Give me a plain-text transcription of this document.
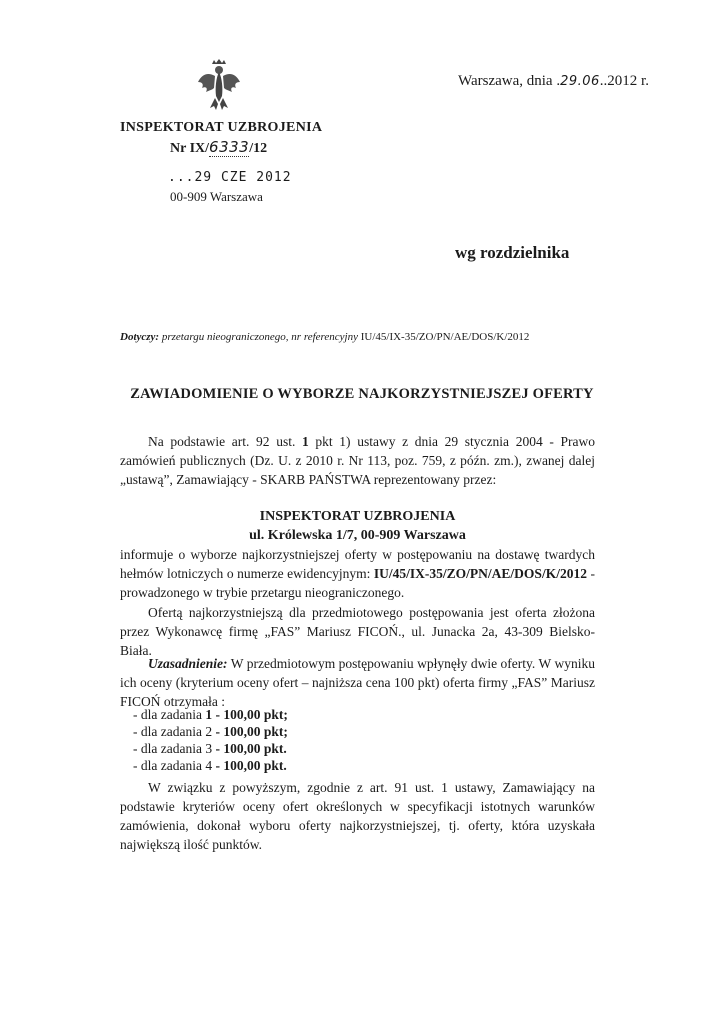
Warszawa, dnia .29.06..2012 r.
INSPEKTORAT UZBROJENIA
Nr IX/6333/12
...29 CZE 2012
00-909 Warszawa
wg rozdzielnika
Dotyczy: przetargu nieograniczonego, nr referencyjny IU/45/IX-35/ZO/PN/AE/DOS/K/2012
ZAWIADOMIENIE O WYBORZE NAJKORZYSTNIEJSZEJ OFERTY
Na podstawie art. 92 ust. 1 pkt 1) ustawy z dnia 29 stycznia 2004 - Prawo zamówień publicznych (Dz. U. z 2010 r. Nr 113, poz. 759, z późn. zm.), zwanej dalej „ustawą”, Zamawiający - SKARB PAŃSTWA reprezentowany przez:
INSPEKTORAT UZBROJENIA
ul. Królewska 1/7, 00-909 Warszawa
informuje o wyborze najkorzystniejszej oferty w postępowaniu na dostawę twardych hełmów lotniczych o numerze ewidencyjnym: IU/45/IX-35/ZO/PN/AE/DOS/K/2012 - prowadzonego w trybie przetargu nieograniczonego.
Ofertą najkorzystniejszą dla przedmiotowego postępowania jest oferta złożona przez Wykonawcę firmę „FAS” Mariusz FICOŃ., ul. Junacka 2a, 43-309 Bielsko-Biała.
Uzasadnienie: W przedmiotowym postępowaniu wpłynęły dwie oferty. W wyniku ich oceny (kryterium oceny ofert – najniższa cena 100 pkt) oferta firmy „FAS” Mariusz FICOŃ otrzymała :
- dla zadania 1 - 100,00 pkt;
- dla zadania 2 - 100,00 pkt;
- dla zadania 3 - 100,00 pkt.
- dla zadania 4 - 100,00 pkt.
W związku z powyższym, zgodnie z art. 91 ust. 1 ustawy, Zamawiający na podstawie kryteriów oceny ofert określonych w specyfikacji istotnych warunków zamówienia, dokonał wyboru oferty najkorzystniejszej, tj. oferty, która uzyskała największą ilość punktów.
